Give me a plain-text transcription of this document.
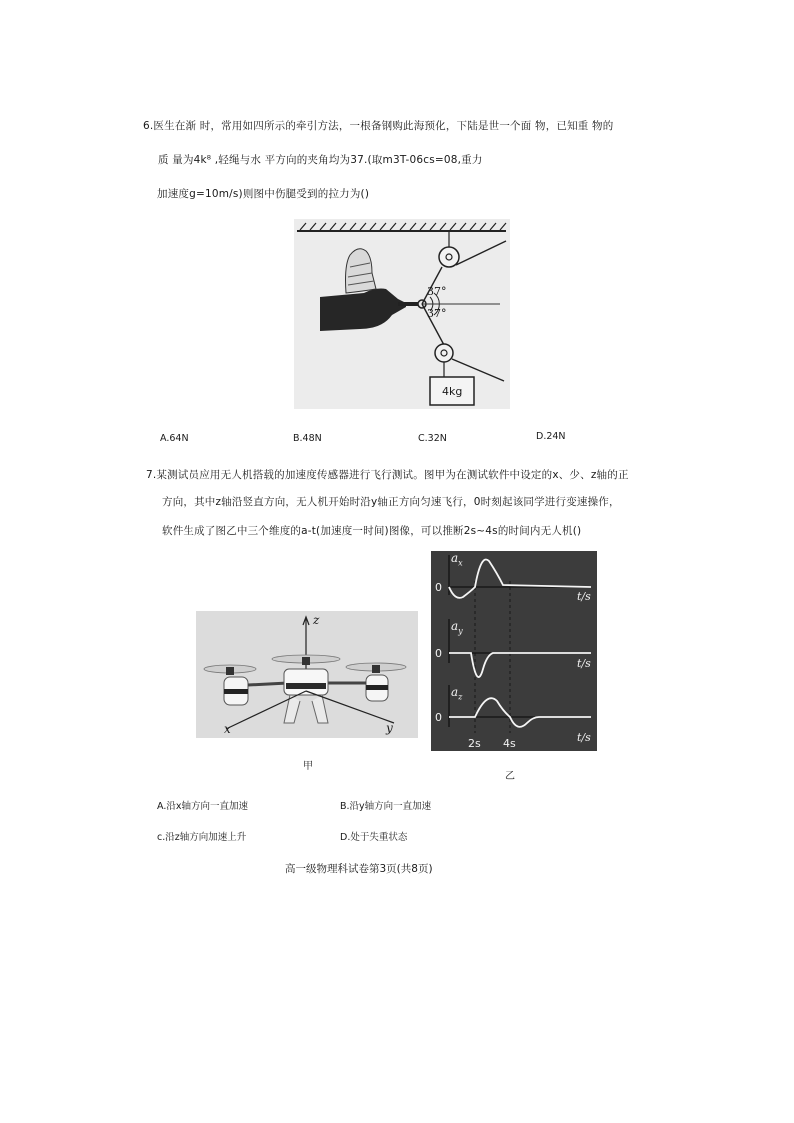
6.医生在渐 时，常用如四所示的牵引方法，一根备钢购此海预化，下陆是世一个面 物，已知重 物的
质 量为4k⁸ ,轻绳与水 平方向的夹角均为37.(取m3T-06cs=08,重力
加速度g=10m/s)则图中伤腿受到的拉力为()
37°
37°
4kg
A.64N	B.48N	C.32N	D.24N
7.某测试员应用无人机搭载的加速度传感器进行飞行测试。图甲为在测试软件中设定的x、少、z轴的正
方向，其中z轴沿竖直方向，无人机开始时沿y轴正方向匀速飞行，0时刻起该同学进行变速操作，
软件生成了图乙中三个维度的a-t(加速度一时间)图像，可以推断2s~4s的时间内无人机()
z
x	y
甲
$a_x$
0
t/s
$a_y$
0
t/s
$a_z$
0
t/s
2s 4s
乙
A.沿x轴方向一直加速	B.沿y轴方向一直加速
c.沿z轴方向加速上升	D.处于失重状态
高一级物理科试卷第3页(共8页)
